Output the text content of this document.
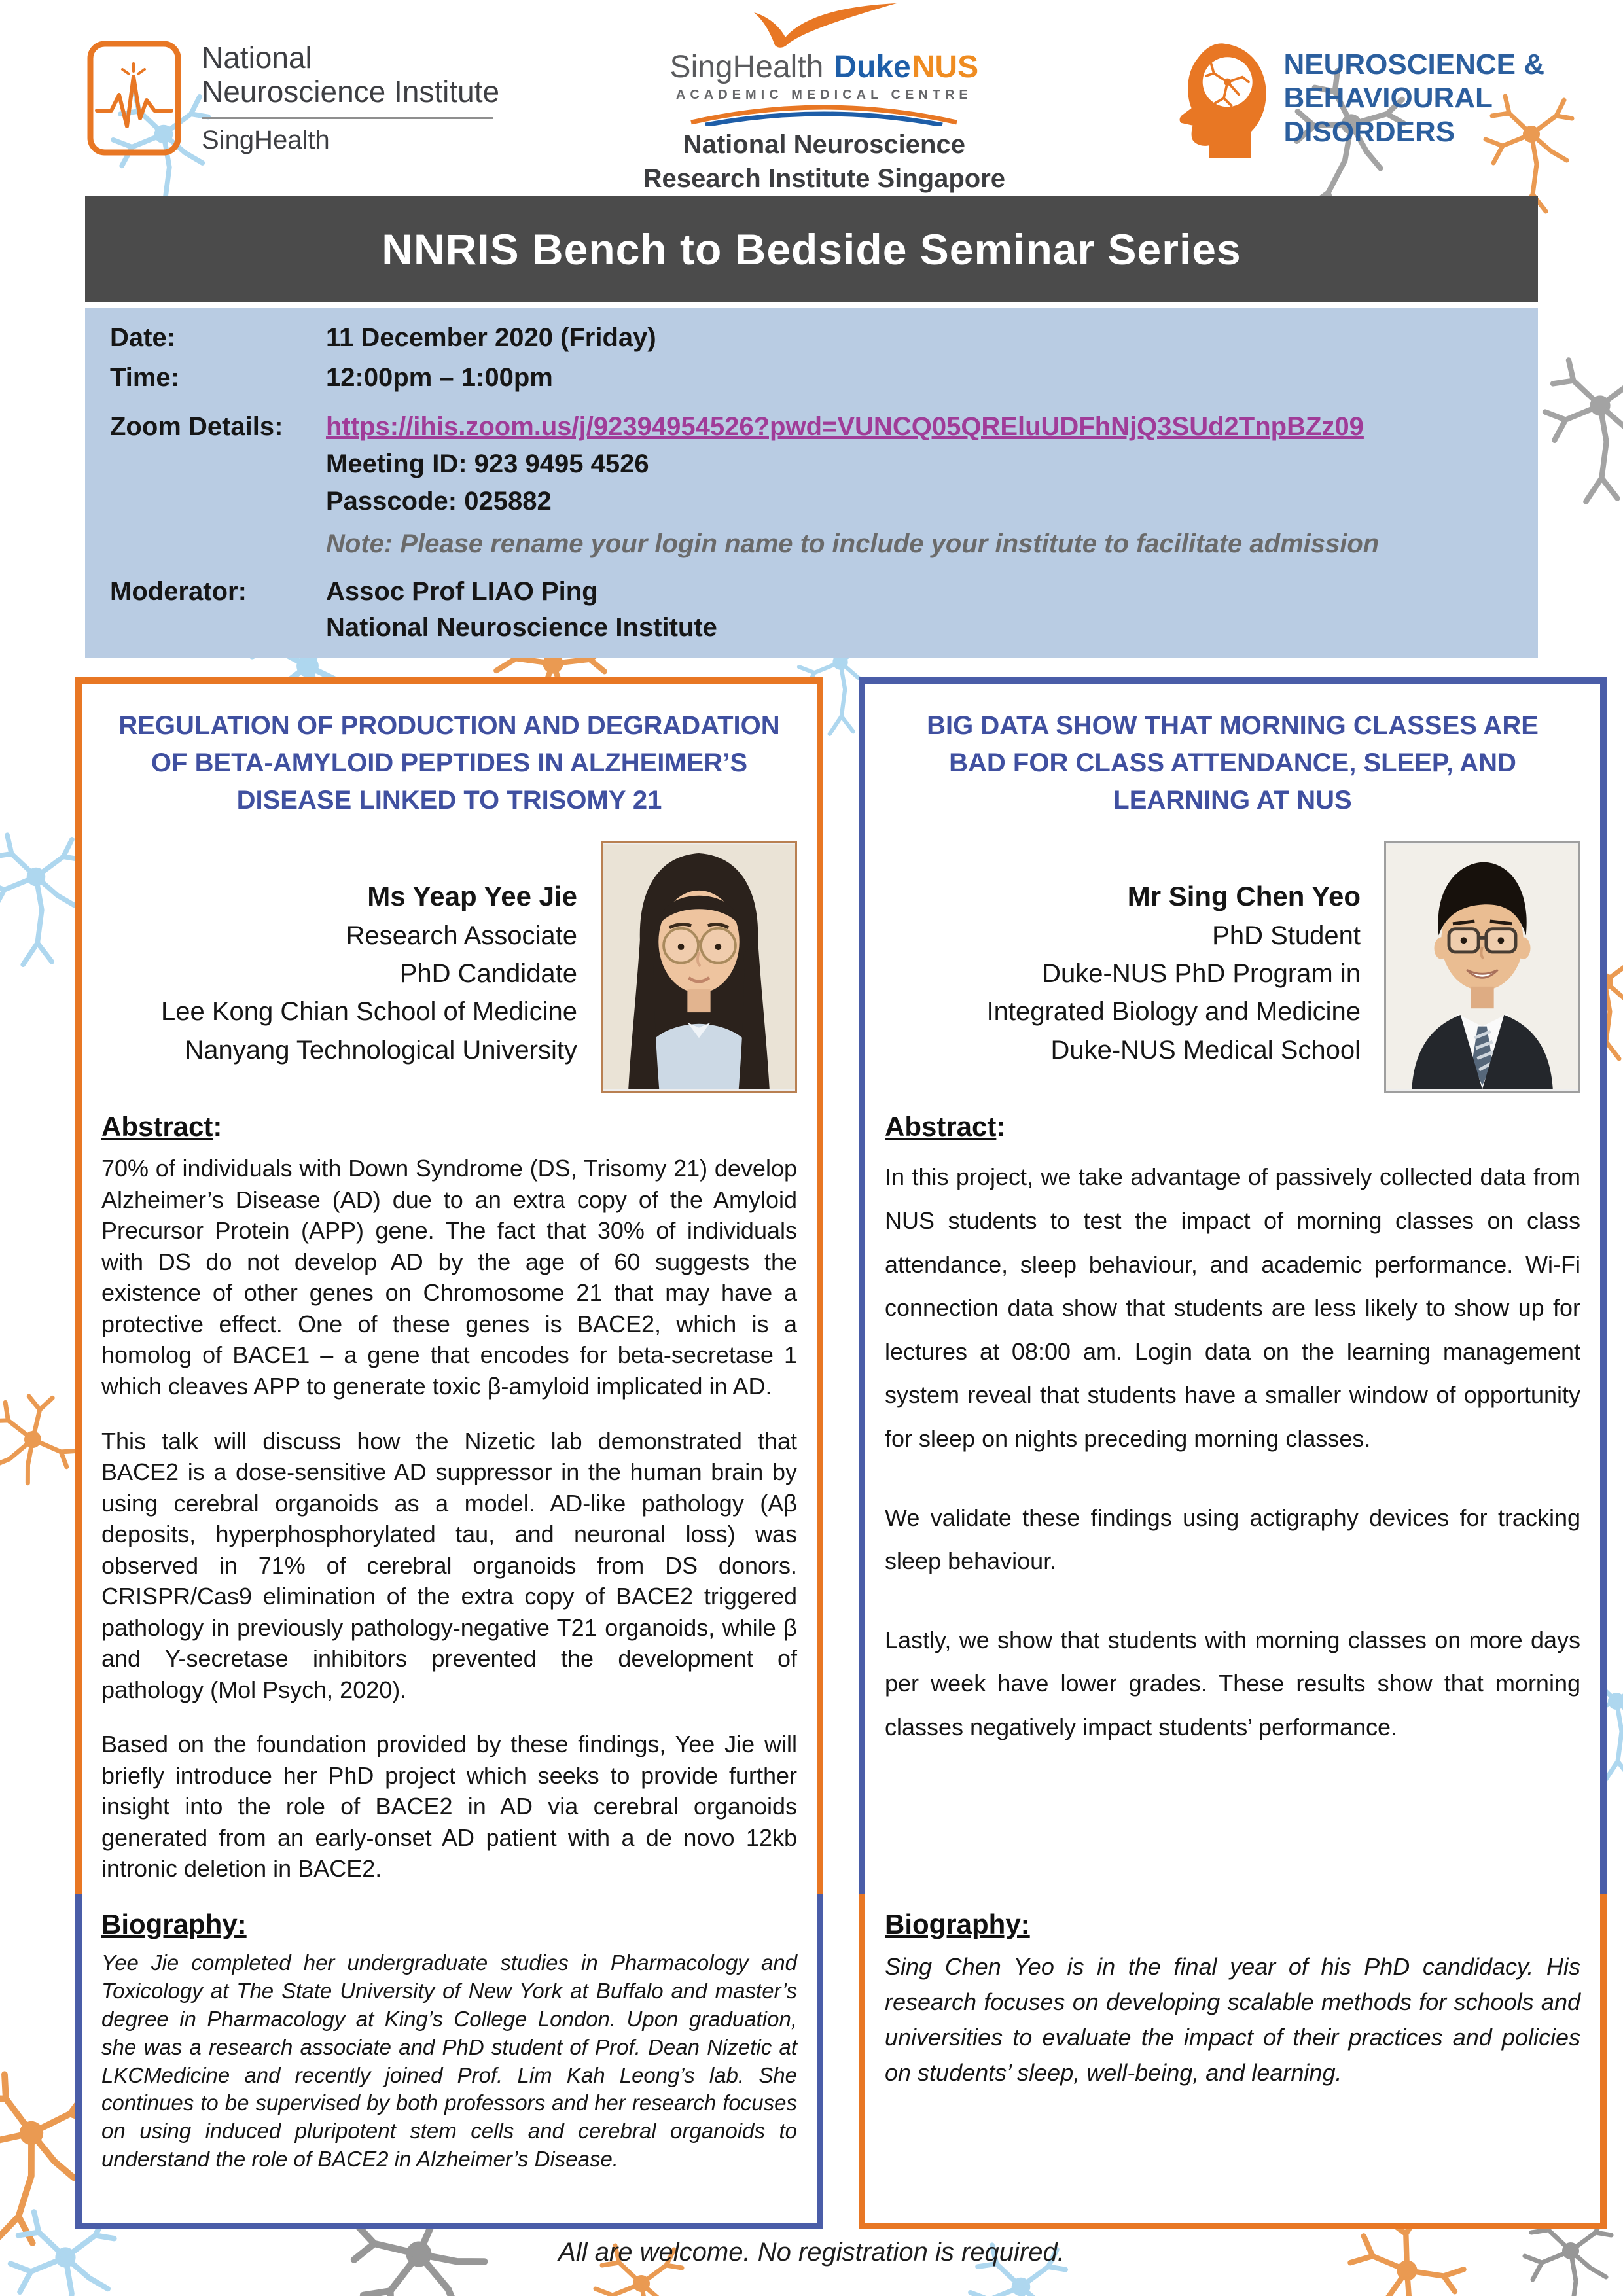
National
Neuroscience Institute
SingHealth
SingHealth Duke NUS
ACADEMIC MEDICAL CENTRE
National Neuroscience
Research Institute Singapore
NEUROSCIENCE &
BEHAVIOURAL
DISORDERS
NNRIS Bench to Bedside Seminar Series
Date:	11 December 2020 (Friday)
Time:	12:00pm – 1:00pm
Zoom Details:	https://ihis.zoom.us/j/92394954526?pwd=VUNCQ05QREluUDFhNjQ3SUd2TnpBZz09
Meeting ID: 923 9495 4526
Passcode: 025882
Note: Please rename your login name to include your institute to facilitate admission
Moderator:	Assoc Prof LIAO Ping
National Neuroscience Institute
REGULATION OF PRODUCTION AND DEGRADATION OF BETA-AMYLOID PEPTIDES IN ALZHEIMER’S DISEASE LINKED TO TRISOMY 21
Ms Yeap Yee Jie
Research Associate
PhD Candidate
Lee Kong Chian School of Medicine
Nanyang Technological University
Abstract:

70% of individuals with Down Syndrome (DS, Trisomy 21) develop Alzheimer’s Disease (AD) due to an extra copy of the Amyloid Precursor Protein (APP) gene. The fact that 30% of individuals with DS do not develop AD by the age of 60 suggests the existence of other genes on Chromosome 21 that may have a protective effect. One of these genes is BACE2, which is a homolog of BACE1 – a gene that encodes for beta-secretase 1 which cleaves APP to generate toxic β-amyloid implicated in AD.

This talk will discuss how the Nizetic lab demonstrated that BACE2 is a dose-sensitive AD suppressor in the human brain by using cerebral organoids as a model. AD-like pathology (Aβ deposits, hyperphosphorylated tau, and neuronal loss) was observed in 71% of cerebral organoids from DS donors. CRISPR/Cas9 elimination of the extra copy of BACE2 triggered pathology in previously pathology-negative T21 organoids, while β and Y-secretase inhibitors prevented the development of pathology (Mol Psych, 2020).

Based on the foundation provided by these findings, Yee Jie will briefly introduce her PhD project which seeks to provide further insight into the role of BACE2 in AD via cerebral organoids generated from an early-onset AD patient with a de novo 12kb intronic deletion in BACE2.

Biography:

Yee Jie completed her undergraduate studies in Pharmacology and Toxicology at The State University of New York at Buffalo and master’s degree in Pharmacology at King’s College London. Upon graduation, she was a research associate and PhD student of Prof. Dean Nizetic at LKCMedicine and recently joined Prof. Lim Kah Leong’s lab. She continues to be supervised by both professors and her research focuses on using induced pluripotent stem cells and cerebral organoids to understand the role of BACE2 in Alzheimer’s Disease.

BIG DATA SHOW THAT MORNING CLASSES ARE BAD FOR CLASS ATTENDANCE, SLEEP, AND LEARNING AT NUS
Mr Sing Chen Yeo
PhD Student
Duke-NUS PhD Program in
Integrated Biology and Medicine
Duke-NUS Medical School
Abstract:

In this project, we take advantage of passively collected data from NUS students to test the impact of morning classes on class attendance, sleep behaviour, and academic performance. Wi-Fi connection data show that students are less likely to show up for lectures at 08:00 am. Login data on the learning management system reveal that students have a smaller window of opportunity for sleep on nights preceding morning classes.

We validate these findings using actigraphy devices for tracking sleep behaviour.

Lastly, we show that students with morning classes on more days per week have lower grades. These results show that morning classes negatively impact students’ performance.

Biography:

Sing Chen Yeo is in the final year of his PhD candidacy. His research focuses on developing scalable methods for schools and universities to evaluate the impact of their practices and policies on students’ sleep, well-being, and learning.

All are welcome. No registration is required.
